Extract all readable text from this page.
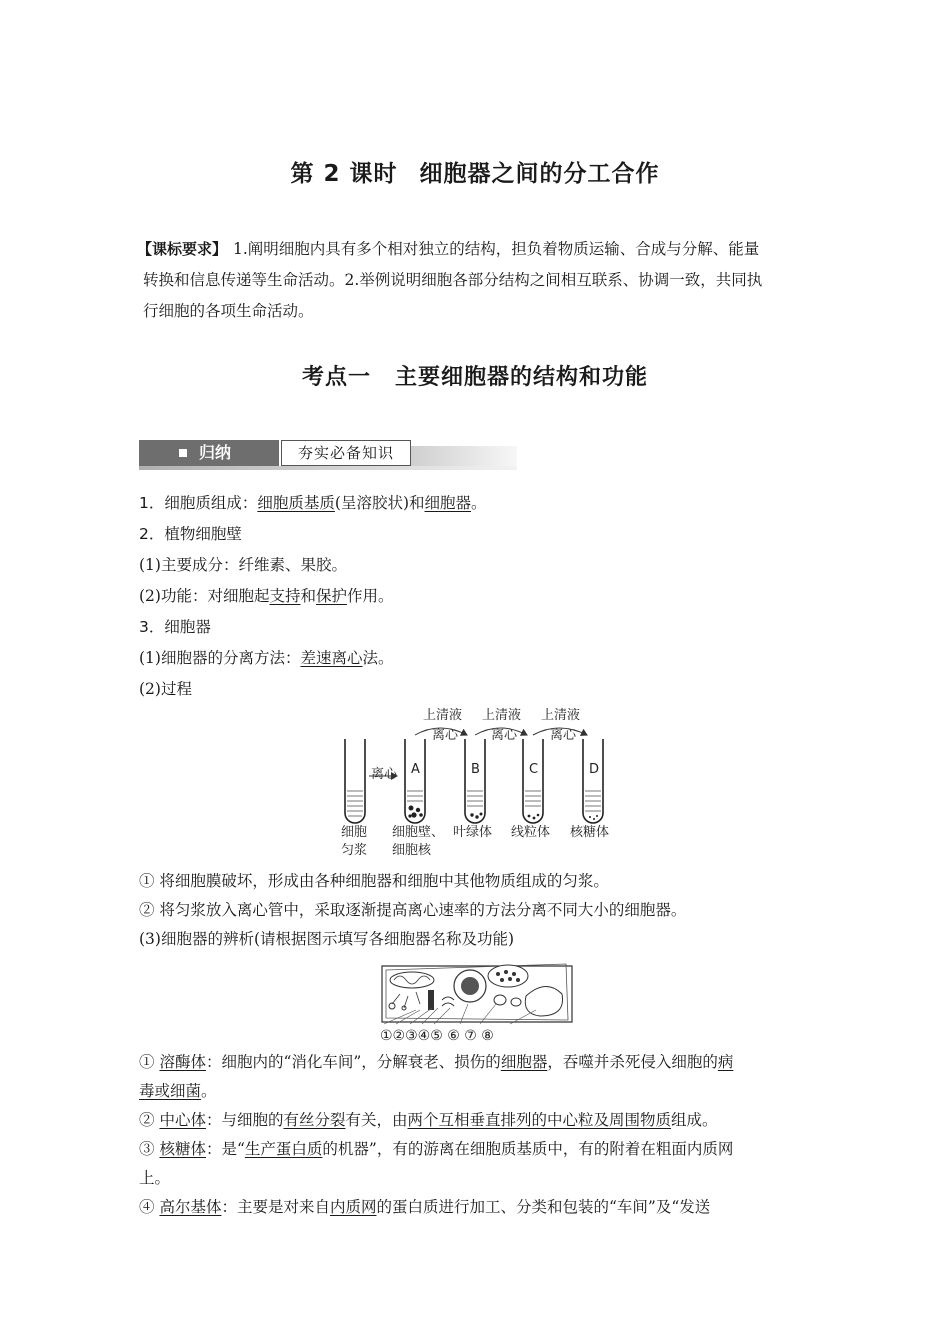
第 2 课时 细胞器之间的分工合作

【课标要求】 1.阐明细胞内具有多个相对独立的结构，担负着物质运输、合成与分解、能量

转换和信息传递等生命活动。2.举例说明细胞各部分结构之间相互联系、协调一致，共同执

行细胞的各项生命活动。

考点一 主要细胞器的结构和功能
归纳	夯实必备知识
1．细胞质组成：细胞质基质(呈溶胶状)和细胞器。
2．植物细胞壁
(1)主要成分：纤维素、果胶。
(2)功能：对细胞起支持和保护作用。
3．细胞器
(1)细胞器的分离方法：差速离心法。
(2)过程
上清液 上清液 上清液
离心	离心	离心
离心 A	B	C	D
细胞
匀浆
细胞壁、
细胞核
叶绿体 线粒体 核糖体
① 将细胞膜破坏，形成由各种细胞器和细胞中其他物质组成的匀浆。
② 将匀浆放入离心管中，采取逐渐提高离心速率的方法分离不同大小的细胞器。
(3)细胞器的辨析(请根据图示填写各细胞器名称及功能)
①②③④⑤ ⑥ ⑦ ⑧

① 溶酶体：细胞内的“消化车间”，分解衰老、损伤的细胞器，吞噬并杀死侵入细胞的病

毒或细菌。

② 中心体：与细胞的有丝分裂有关，由两个互相垂直排列的中心粒及周围物质组成。

③ 核糖体：是“生产蛋白质的机器”，有的游离在细胞质基质中，有的附着在粗面内质网

上。

④ 高尔基体：主要是对来自内质网的蛋白质进行加工、分类和包装的“车间”及“发送
